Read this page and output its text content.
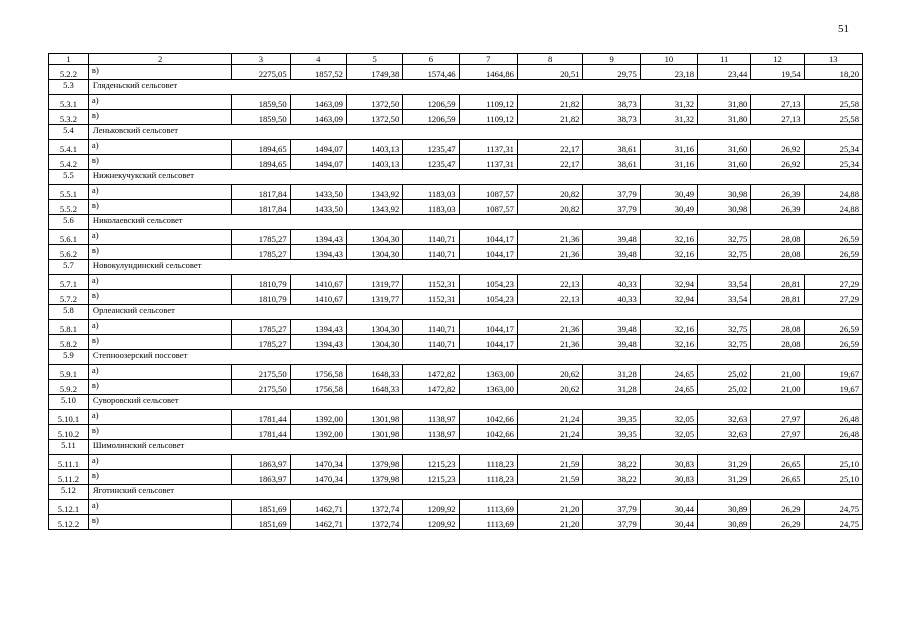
51
1	2	3	4	5	6	7	8	9	10	11	12	13
5.2.2	в)	2275,05	1857,52	1749,38	1574,46	1464,86	20,51	29,75	23,18	23,44	19,54	18,20
5.3	Гляденьский сельсовет											
5.3.1	а)	1859,50	1463,09	1372,50	1206,59	1109,12	21,82	38,73	31,32	31,80	27,13	25,58
5.3.2	в)	1859,50	1463,09	1372,50	1206,59	1109,12	21,82	38,73	31,32	31,80	27,13	25,58
5.4	Леньковский сельсовет											
5.4.1	а)	1894,65	1494,07	1403,13	1235,47	1137,31	22,17	38,61	31,16	31,60	26,92	25,34
5.4.2	в)	1894,65	1494,07	1403,13	1235,47	1137,31	22,17	38,61	31,16	31,60	26,92	25,34
5.5	Нижнекучукский сельсовет											
5.5.1	а)	1817,84	1433,50	1343,92	1183,03	1087,57	20,82	37,79	30,49	30,98	26,39	24,88
5.5.2	в)	1817,84	1433,50	1343,92	1183,03	1087,57	20,82	37,79	30,49	30,98	26,39	24,88
5.6	Николаевский сельсовет											
5.6.1	а)	1785,27	1394,43	1304,30	1140,71	1044,17	21,36	39,48	32,16	32,75	28,08	26,59
5.6.2	в)	1785,27	1394,43	1304,30	1140,71	1044,17	21,36	39,48	32,16	32,75	28,08	26,59
5.7	Новокулундинский сельсовет											
5.7.1	а)	1810,79	1410,67	1319,77	1152,31	1054,23	22,13	40,33	32,94	33,54	28,81	27,29
5.7.2	в)	1810,79	1410,67	1319,77	1152,31	1054,23	22,13	40,33	32,94	33,54	28,81	27,29
5.8	Орлеанский сельсовет											
5.8.1	а)	1785,27	1394,43	1304,30	1140,71	1044,17	21,36	39,48	32,16	32,75	28,08	26,59
5.8.2	в)	1785,27	1394,43	1304,30	1140,71	1044,17	21,36	39,48	32,16	32,75	28,08	26,59
5.9	Степноозерский поссовет											
5.9.1	а)	2175,50	1756,58	1648,33	1472,82	1363,00	20,62	31,28	24,65	25,02	21,00	19,67
5.9.2	в)	2175,50	1756,58	1648,33	1472,82	1363,00	20,62	31,28	24,65	25,02	21,00	19,67
5.10	Суворовский сельсовет											
5.10.1	а)	1781,44	1392,00	1301,98	1138,97	1042,66	21,24	39,35	32,05	32,63	27,97	26,48
5.10.2	в)	1781,44	1392,00	1301,98	1138,97	1042,66	21,24	39,35	32,05	32,63	27,97	26,48
5.11	Шимолинский сельсовет											
5.11.1	а)	1863,97	1470,34	1379,98	1215,23	1118,23	21,59	38,22	30,83	31,29	26,65	25,10
5.11.2	в)	1863,97	1470,34	1379,98	1215,23	1118,23	21,59	38,22	30,83	31,29	26,65	25,10
5.12	Яготинский сельсовет											
5.12.1	а)	1851,69	1462,71	1372,74	1209,92	1113,69	21,20	37,79	30,44	30,89	26,29	24,75
5.12.2	в)	1851,69	1462,71	1372,74	1209,92	1113,69	21,20	37,79	30,44	30,89	26,29	24,75
